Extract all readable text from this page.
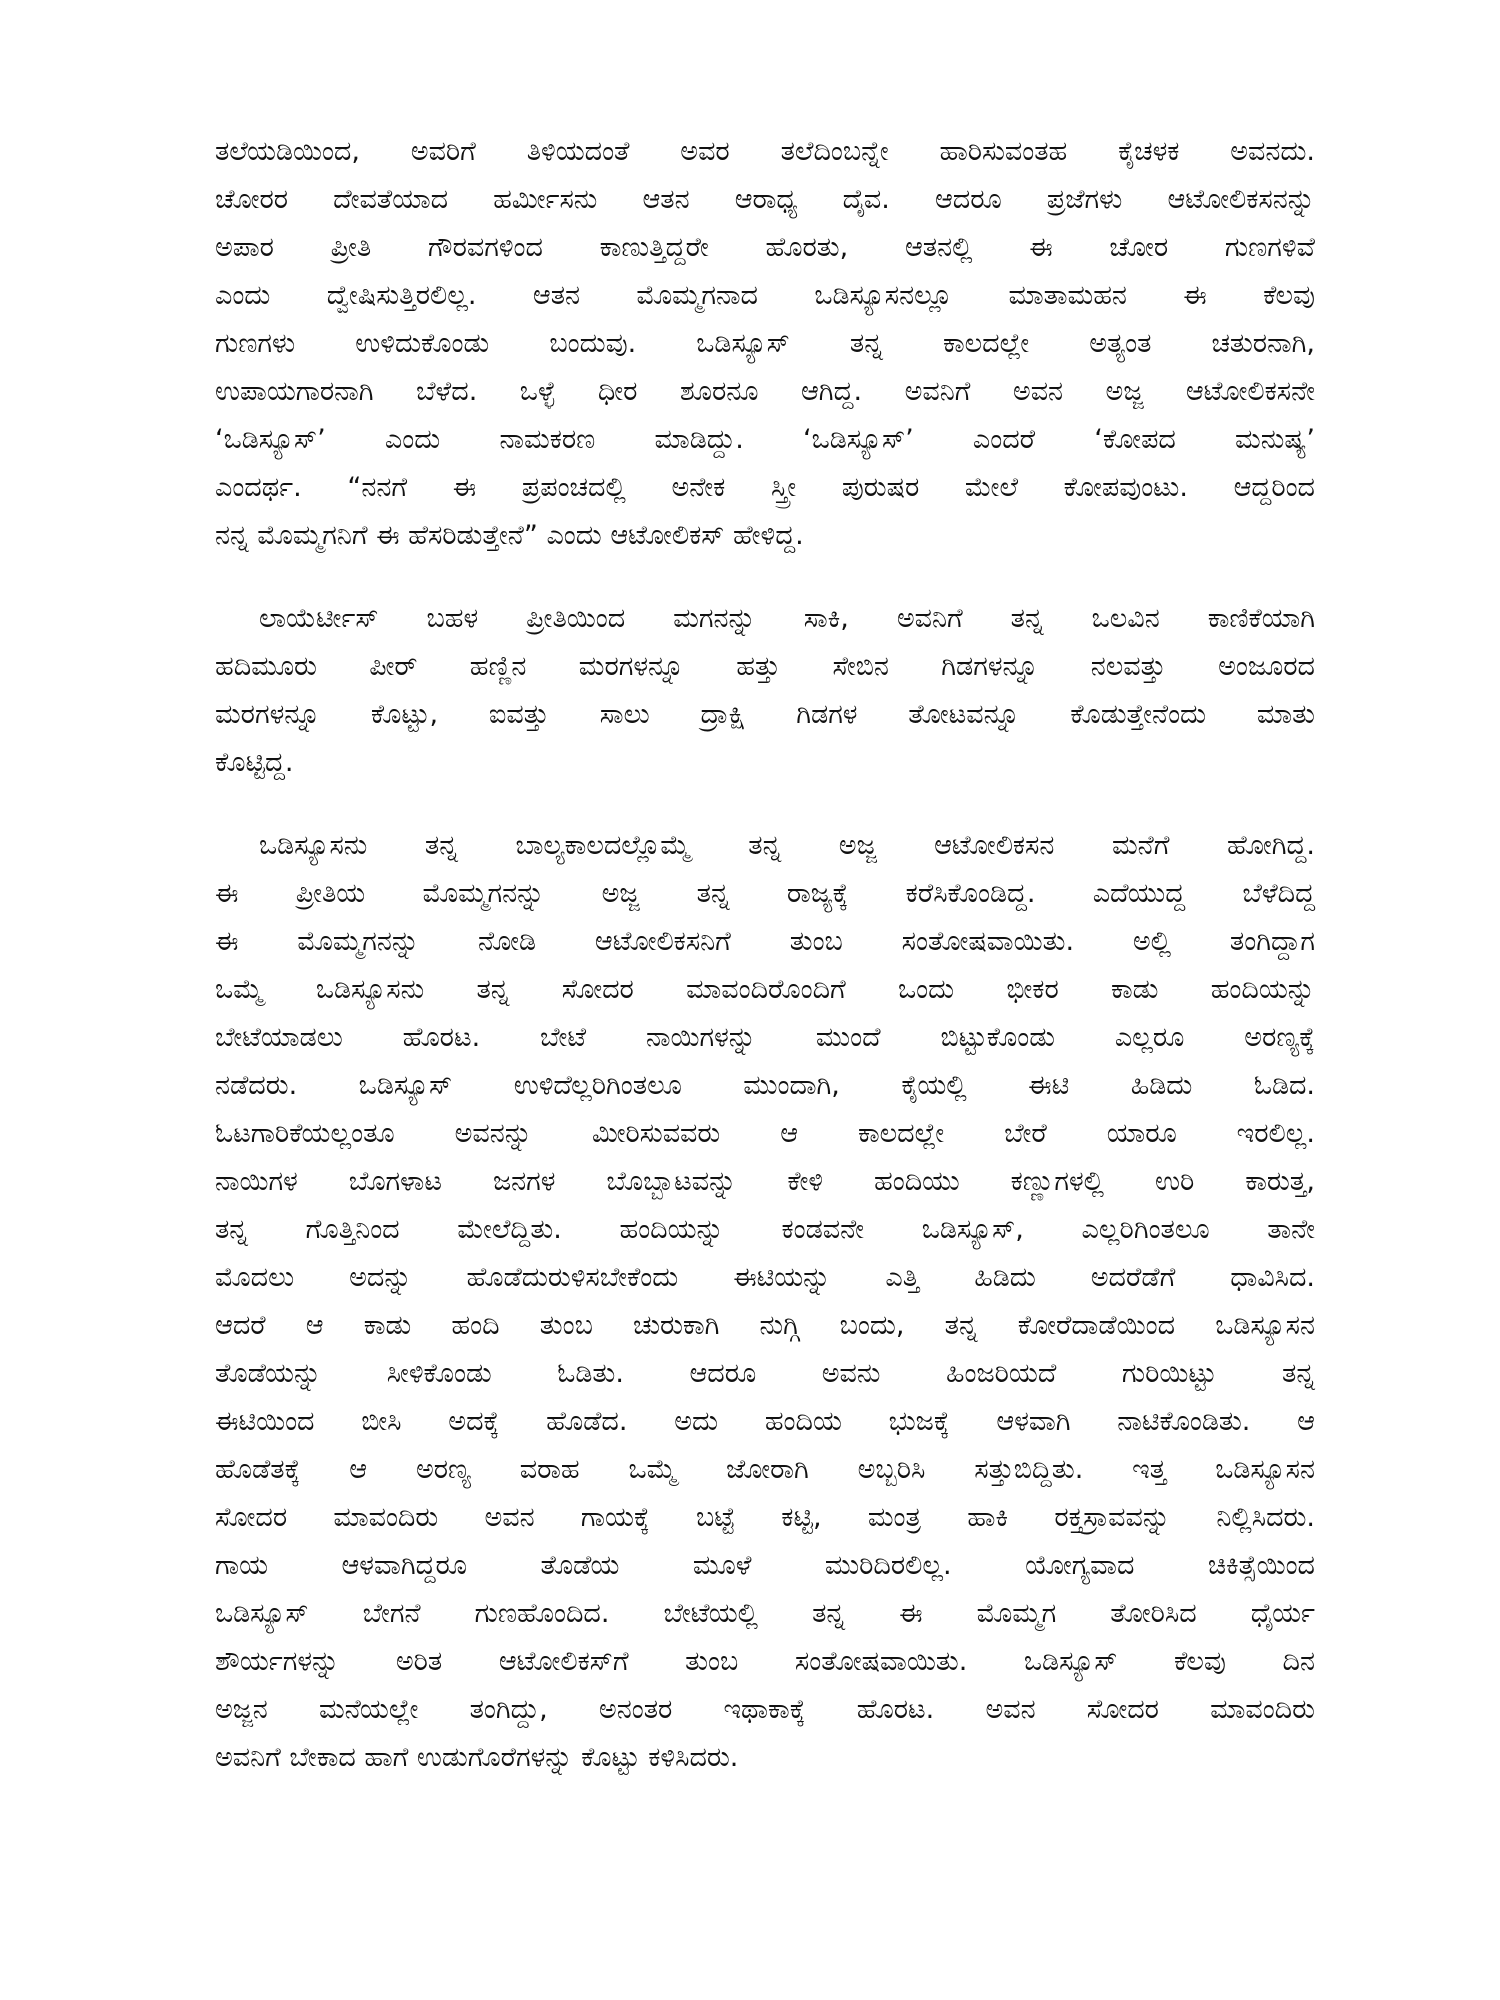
ತಲೆಯಡಿಯಿಂದ, ಅವರಿಗೆ ತಿಳಿಯದಂತೆ ಅವರ ತಲೆದಿಂಬನ್ನೇ ಹಾರಿಸುವಂತಹ ಕೈಚಳಕ ಅವನದು.
ಚೋರರ ದೇವತೆಯಾದ ಹರ್ಮೀಸನು ಆತನ ಆರಾಧ್ಯ ದೈವ. ಆದರೂ ಪ್ರಜೆಗಳು ಆಟೋಲಿಕಸನನ್ನು
ಅಪಾರ ಪ್ರೀತಿ ಗೌರವಗಳಿಂದ ಕಾಣುತ್ತಿದ್ದರೇ ಹೊರತು, ಆತನಲ್ಲಿ ಈ ಚೋರ ಗುಣಗಳಿವೆ
ಎಂದು ದ್ವೇಷಿಸುತ್ತಿರಲಿಲ್ಲ. ಆತನ ಮೊಮ್ಮಗನಾದ ಒಡಿಸ್ಯೂಸನಲ್ಲೂ ಮಾತಾಮಹನ ಈ ಕೆಲವು
ಗುಣಗಳು ಉಳಿದುಕೊಂಡು ಬಂದುವು. ಒಡಿಸ್ಯೂಸ್ ತನ್ನ ಕಾಲದಲ್ಲೇ ಅತ್ಯಂತ ಚತುರನಾಗಿ,
ಉಪಾಯಗಾರನಾಗಿ ಬೆಳೆದ. ಒಳ್ಳೆ ಧೀರ ಶೂರನೂ ಆಗಿದ್ದ. ಅವನಿಗೆ ಅವನ ಅಜ್ಜ ಆಟೋಲಿಕಸನೇ
‘ಒಡಿಸ್ಯೂಸ್’ ಎಂದು ನಾಮಕರಣ ಮಾಡಿದ್ದು. ‘ಒಡಿಸ್ಯೂಸ್’ ಎಂದರೆ ‘ಕೋಪದ ಮನುಷ್ಯ’
ಎಂದರ್ಥ. “ನನಗೆ ಈ ಪ್ರಪಂಚದಲ್ಲಿ ಅನೇಕ ಸ್ತ್ರೀ ಪುರುಷರ ಮೇಲೆ ಕೋಪವುಂಟು. ಆದ್ದರಿಂದ
ನನ್ನ ಮೊಮ್ಮಗನಿಗೆ ಈ ಹೆಸರಿಡುತ್ತೇನೆ” ಎಂದು ಆಟೋಲಿಕಸ್ ಹೇಳಿದ್ದ.
ಲಾಯೆರ್ಟೀಸ್ ಬಹಳ ಪ್ರೀತಿಯಿಂದ ಮಗನನ್ನು ಸಾಕಿ, ಅವನಿಗೆ ತನ್ನ ಒಲವಿನ ಕಾಣಿಕೆಯಾಗಿ
ಹದಿಮೂರು ಪೀರ್ ಹಣ್ಣಿನ ಮರಗಳನ್ನೂ ಹತ್ತು ಸೇಬಿನ ಗಿಡಗಳನ್ನೂ ನಲವತ್ತು ಅಂಜೂರದ
ಮರಗಳನ್ನೂ ಕೊಟ್ಟು, ಐವತ್ತು ಸಾಲು ದ್ರಾಕ್ಷಿ ಗಿಡಗಳ ತೋಟವನ್ನೂ ಕೊಡುತ್ತೇನೆಂದು ಮಾತು
ಕೊಟ್ಟಿದ್ದ.
ಒಡಿಸ್ಯೂಸನು ತನ್ನ ಬಾಲ್ಯಕಾಲದಲ್ಲೊಮ್ಮೆ ತನ್ನ ಅಜ್ಜ ಆಟೋಲಿಕಸನ ಮನೆಗೆ ಹೋಗಿದ್ದ.
ಈ ಪ್ರೀತಿಯ ಮೊಮ್ಮಗನನ್ನು ಅಜ್ಜ ತನ್ನ ರಾಜ್ಯಕ್ಕೆ ಕರೆಸಿಕೊಂಡಿದ್ದ. ಎದೆಯುದ್ದ ಬೆಳೆದಿದ್ದ
ಈ ಮೊಮ್ಮಗನನ್ನು ನೋಡಿ ಆಟೋಲಿಕಸನಿಗೆ ತುಂಬ ಸಂತೋಷವಾಯಿತು. ಅಲ್ಲಿ ತಂಗಿದ್ದಾಗ
ಒಮ್ಮೆ ಒಡಿಸ್ಯೂಸನು ತನ್ನ ಸೋದರ ಮಾವಂದಿರೊಂದಿಗೆ ಒಂದು ಭೀಕರ ಕಾಡು ಹಂದಿಯನ್ನು
ಬೇಟೆಯಾಡಲು ಹೊರಟ. ಬೇಟೆ ನಾಯಿಗಳನ್ನು ಮುಂದೆ ಬಿಟ್ಟುಕೊಂಡು ಎಲ್ಲರೂ ಅರಣ್ಯಕ್ಕೆ
ನಡೆದರು. ಒಡಿಸ್ಯೂಸ್ ಉಳಿದೆಲ್ಲರಿಗಿಂತಲೂ ಮುಂದಾಗಿ, ಕೈಯಲ್ಲಿ ಈಟಿ ಹಿಡಿದು ಓಡಿದ.
ಓಟಗಾರಿಕೆಯಲ್ಲಂತೂ ಅವನನ್ನು ಮೀರಿಸುವವರು ಆ ಕಾಲದಲ್ಲೇ ಬೇರೆ ಯಾರೂ ಇರಲಿಲ್ಲ.
ನಾಯಿಗಳ ಬೊಗಳಾಟ ಜನಗಳ ಬೊಬ್ಬಾಟವನ್ನು ಕೇಳಿ ಹಂದಿಯು ಕಣ್ಣುಗಳಲ್ಲಿ ಉರಿ ಕಾರುತ್ತ,
ತನ್ನ ಗೊತ್ತಿನಿಂದ ಮೇಲೆದ್ದಿತು. ಹಂದಿಯನ್ನು ಕಂಡವನೇ ಒಡಿಸ್ಯೂಸ್, ಎಲ್ಲರಿಗಿಂತಲೂ ತಾನೇ
ಮೊದಲು ಅದನ್ನು ಹೊಡೆದುರುಳಿಸಬೇಕೆಂದು ಈಟಿಯನ್ನು ಎತ್ತಿ ಹಿಡಿದು ಅದರೆಡೆಗೆ ಧಾವಿಸಿದ.
ಆದರೆ ಆ ಕಾಡು ಹಂದಿ ತುಂಬ ಚುರುಕಾಗಿ ನುಗ್ಗಿ ಬಂದು, ತನ್ನ ಕೋರೆದಾಡೆಯಿಂದ ಒಡಿಸ್ಯೂಸನ
ತೊಡೆಯನ್ನು ಸೀಳಿಕೊಂಡು ಓಡಿತು. ಆದರೂ ಅವನು ಹಿಂಜರಿಯದೆ ಗುರಿಯಿಟ್ಟು ತನ್ನ
ಈಟಿಯಿಂದ ಬೀಸಿ ಅದಕ್ಕೆ ಹೊಡೆದ. ಅದು ಹಂದಿಯ ಭುಜಕ್ಕೆ ಆಳವಾಗಿ ನಾಟಿಕೊಂಡಿತು. ಆ
ಹೊಡೆತಕ್ಕೆ ಆ ಅರಣ್ಯ ವರಾಹ ಒಮ್ಮೆ ಜೋರಾಗಿ ಅಬ್ಬರಿಸಿ ಸತ್ತುಬಿದ್ದಿತು. ಇತ್ತ ಒಡಿಸ್ಯೂಸನ
ಸೋದರ ಮಾವಂದಿರು ಅವನ ಗಾಯಕ್ಕೆ ಬಟ್ಟೆ ಕಟ್ಟಿ, ಮಂತ್ರ ಹಾಕಿ ರಕ್ತಸ್ರಾವವನ್ನು ನಿಲ್ಲಿಸಿದರು.
ಗಾಯ ಆಳವಾಗಿದ್ದರೂ ತೊಡೆಯ ಮೂಳೆ ಮುರಿದಿರಲಿಲ್ಲ. ಯೋಗ್ಯವಾದ ಚಿಕಿತ್ಸೆಯಿಂದ
ಒಡಿಸ್ಯೂಸ್ ಬೇಗನೆ ಗುಣಹೊಂದಿದ. ಬೇಟೆಯಲ್ಲಿ ತನ್ನ ಈ ಮೊಮ್ಮಗ ತೋರಿಸಿದ ಧೈರ್ಯ
ಶೌರ್ಯಗಳನ್ನು ಅರಿತ ಆಟೋಲಿಕಸ್‌ಗೆ ತುಂಬ ಸಂತೋಷವಾಯಿತು. ಒಡಿಸ್ಯೂಸ್ ಕೆಲವು ದಿನ
ಅಜ್ಜನ ಮನೆಯಲ್ಲೇ ತಂಗಿದ್ದು, ಅನಂತರ ಇಥಾಕಾಕ್ಕೆ ಹೊರಟ. ಅವನ ಸೋದರ ಮಾವಂದಿರು
ಅವನಿಗೆ ಬೇಕಾದ ಹಾಗೆ ಉಡುಗೊರೆಗಳನ್ನು ಕೊಟ್ಟು ಕಳಿಸಿದರು.
